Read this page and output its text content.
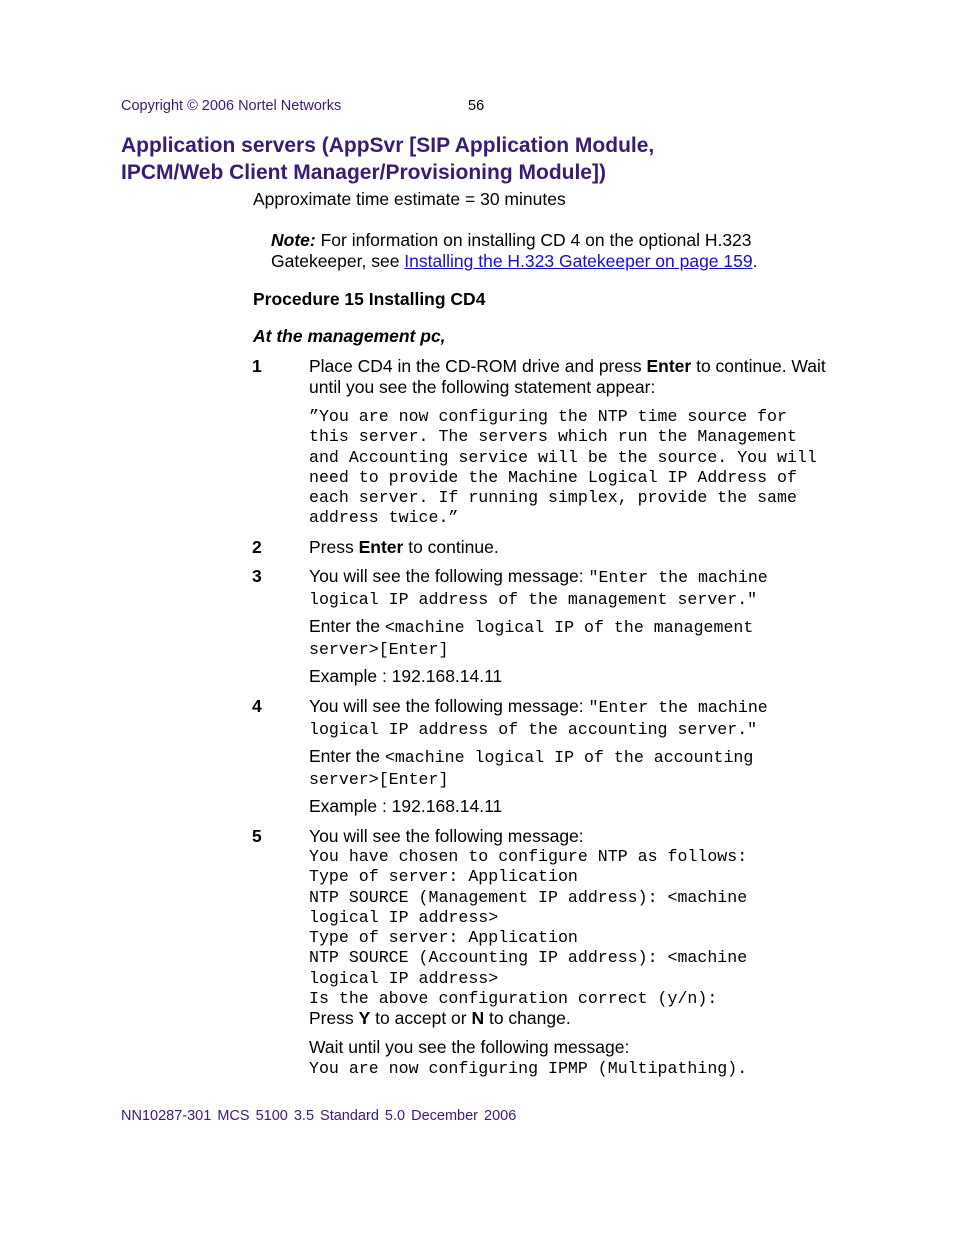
Copyright © 2006 Nortel Networks	56
Application servers (AppSvr [SIP Application Module,
IPCM/Web Client Manager/Provisioning Module])
Approximate time estimate = 30 minutes
Note: For information on installing CD 4 on the optional H.323 Gatekeeper, see Installing the H.323 Gatekeeper on page 159.
Procedure 15 Installing CD4
At the management pc,
1	Place CD4 in the CD-ROM drive and press Enter to continue. Wait until you see the following statement appear:
”You are now configuring the NTP time source for this server. The servers which run the Management and Accounting service will be the source. You will need to provide the Machine Logical IP Address of each server. If running simplex, provide the same address twice.”
2	Press Enter to continue.
3	You will see the following message: "Enter the machine logical IP address of the management server."
Enter the <machine logical IP of the management server>[Enter]
Example : 192.168.14.11
4	You will see the following message: "Enter the machine logical IP address of the accounting server."
Enter the <machine logical IP of the accounting server>[Enter]
Example : 192.168.14.11
5	You will see the following message:
You have chosen to configure NTP as follows:
Type of server: Application
NTP SOURCE (Management IP address): <machine
logical IP address>
Type of server: Application
NTP SOURCE (Accounting IP address): <machine
logical IP address>
Is the above configuration correct (y/n):
Press Y to accept or N to change.
Wait until you see the following message:
You are now configuring IPMP (Multipathing).
NN10287-301 MCS 5100 3.5 Standard 5.0 December 2006
